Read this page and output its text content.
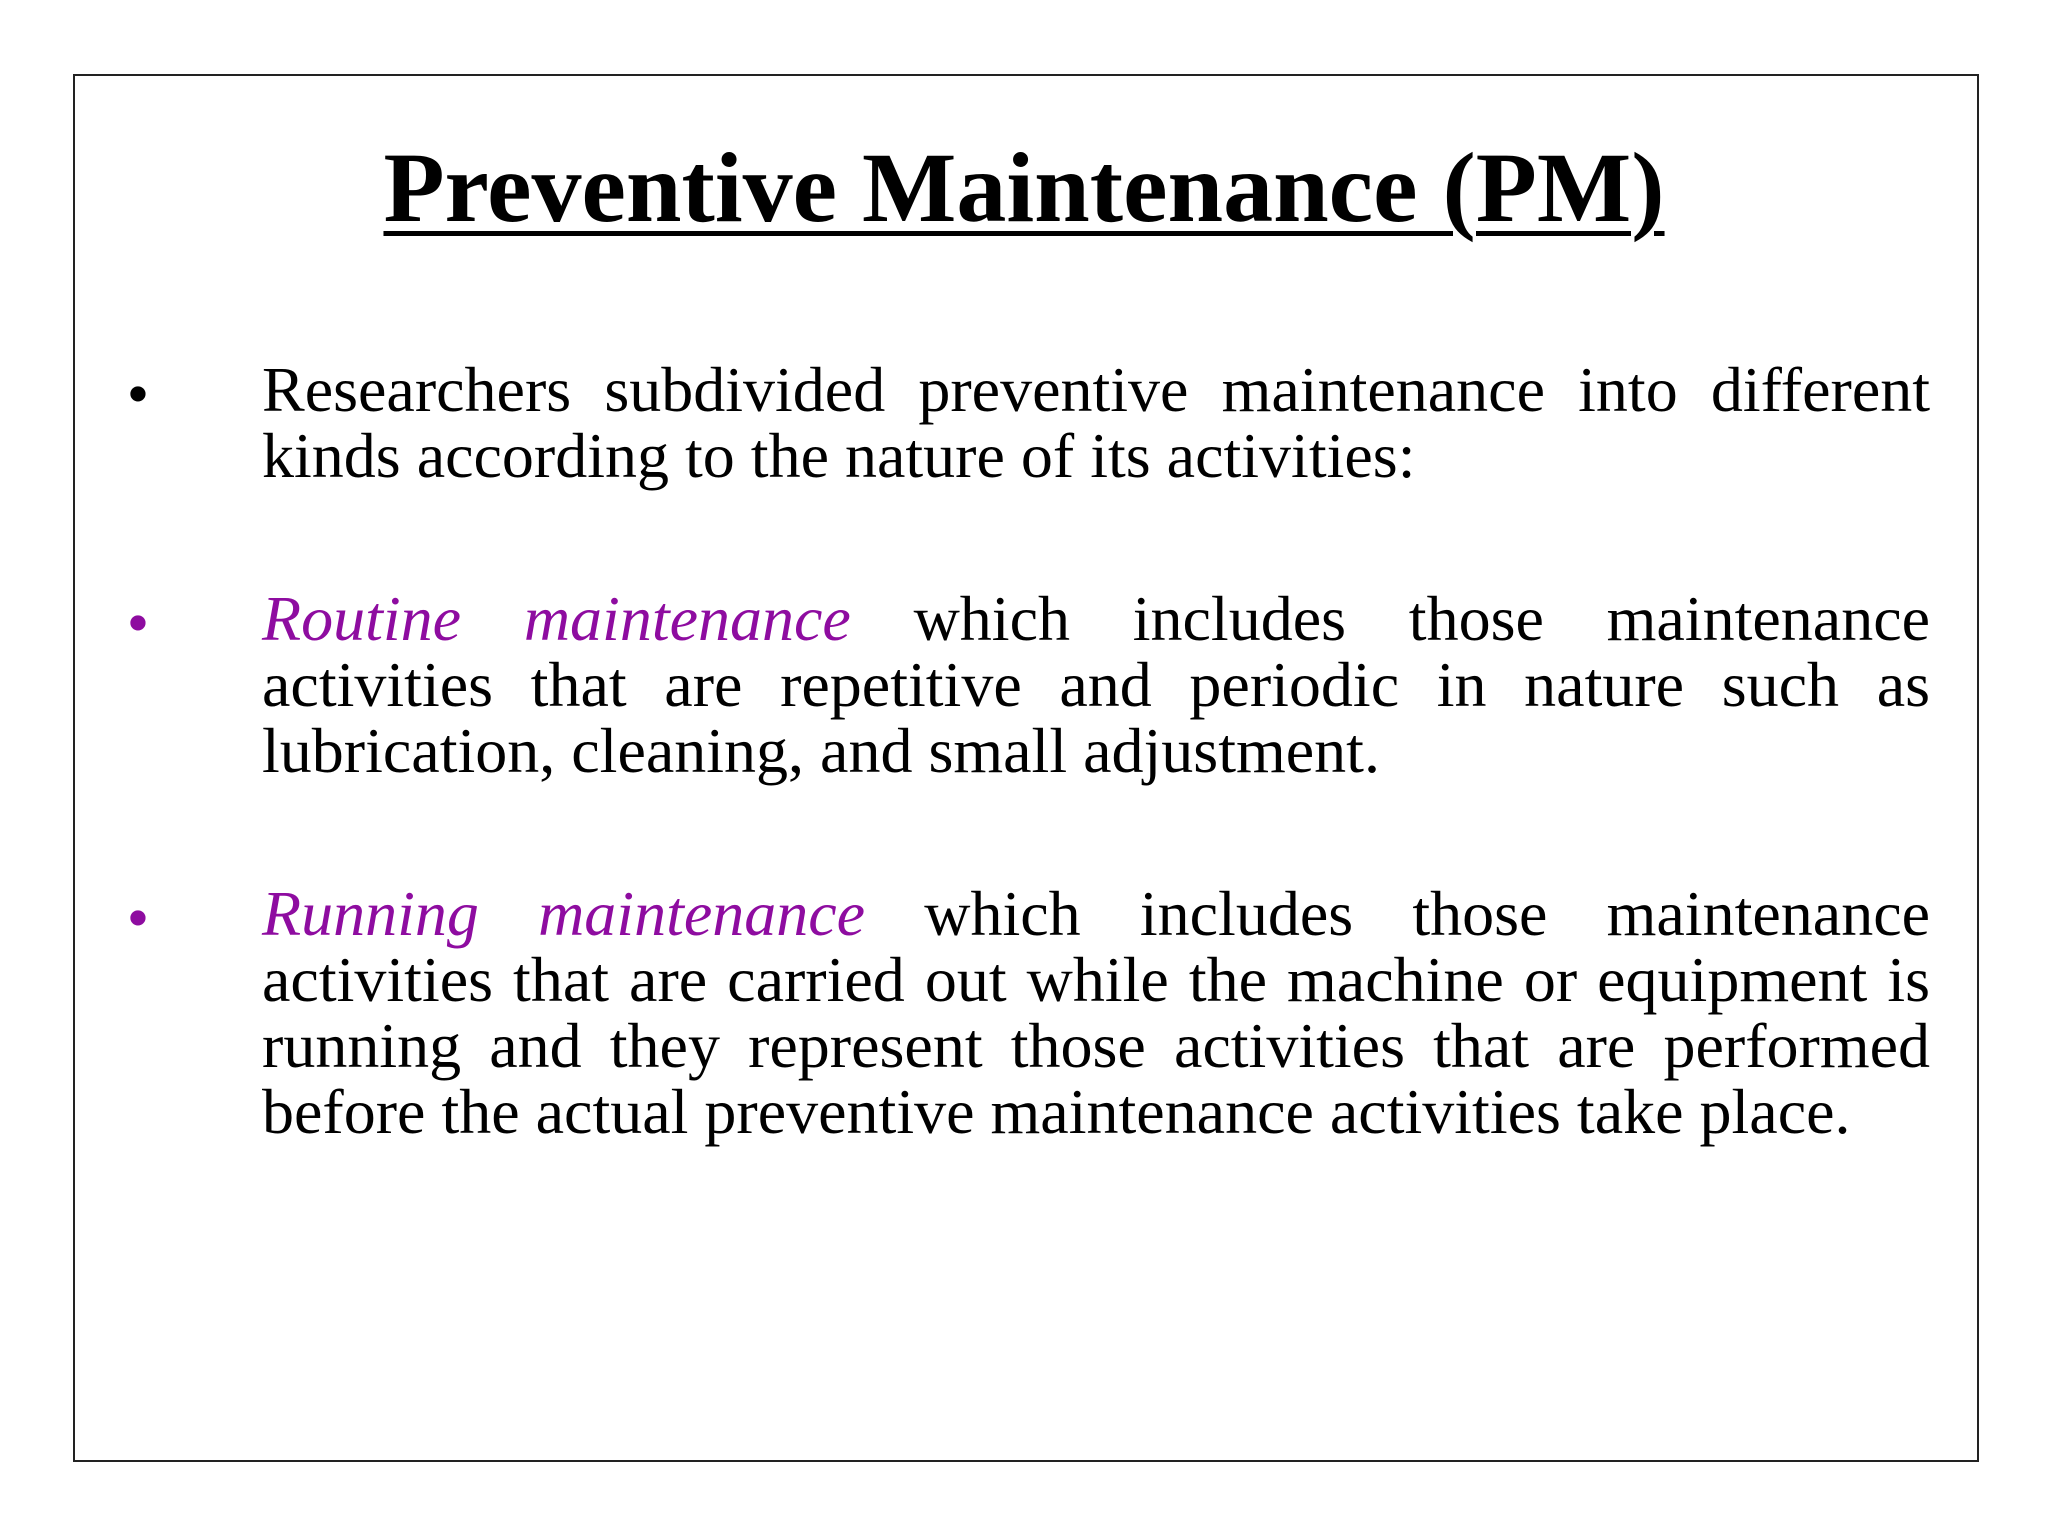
Preventive Maintenance (PM)
• Researchers subdivided preventive maintenance into different kinds according to the nature of its activities:

• Routine maintenance which includes those maintenance activities that are repetitive and periodic in nature such as lubrication, cleaning, and small adjustment.

• Running maintenance which includes those maintenance activities that are carried out while the machine or equipment is running and they represent those activities that are performed before the actual preventive maintenance activities take place.
